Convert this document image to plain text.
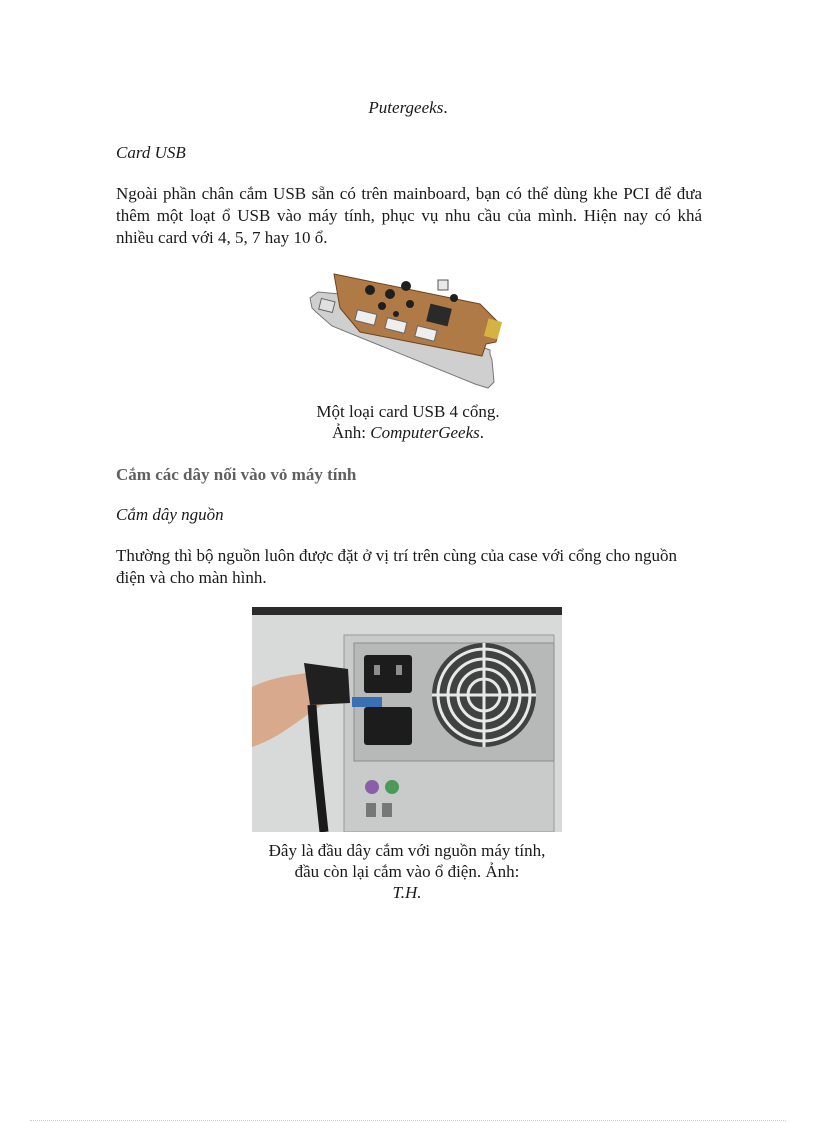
Putergeeks.
Card USB
Ngoài phần chân cắm USB sẵn có trên mainboard, bạn có thể dùng khe PCI để đưa thêm một loạt ổ USB vào máy tính, phục vụ nhu cầu của mình. Hiện nay có khá nhiều card với 4, 5, 7 hay 10 ổ.
Một loại card USB 4 cổng.
Ảnh: ComputerGeeks.
Cắm các dây nối vào vỏ máy tính
Cắm dây nguồn
Thường thì bộ nguồn luôn được đặt ở vị trí trên cùng của case với cổng cho nguồn điện và cho màn hình.
Đây là đầu dây cắm với nguồn máy tính, đầu còn lại cắm vào ổ điện. Ảnh:
T.H.
